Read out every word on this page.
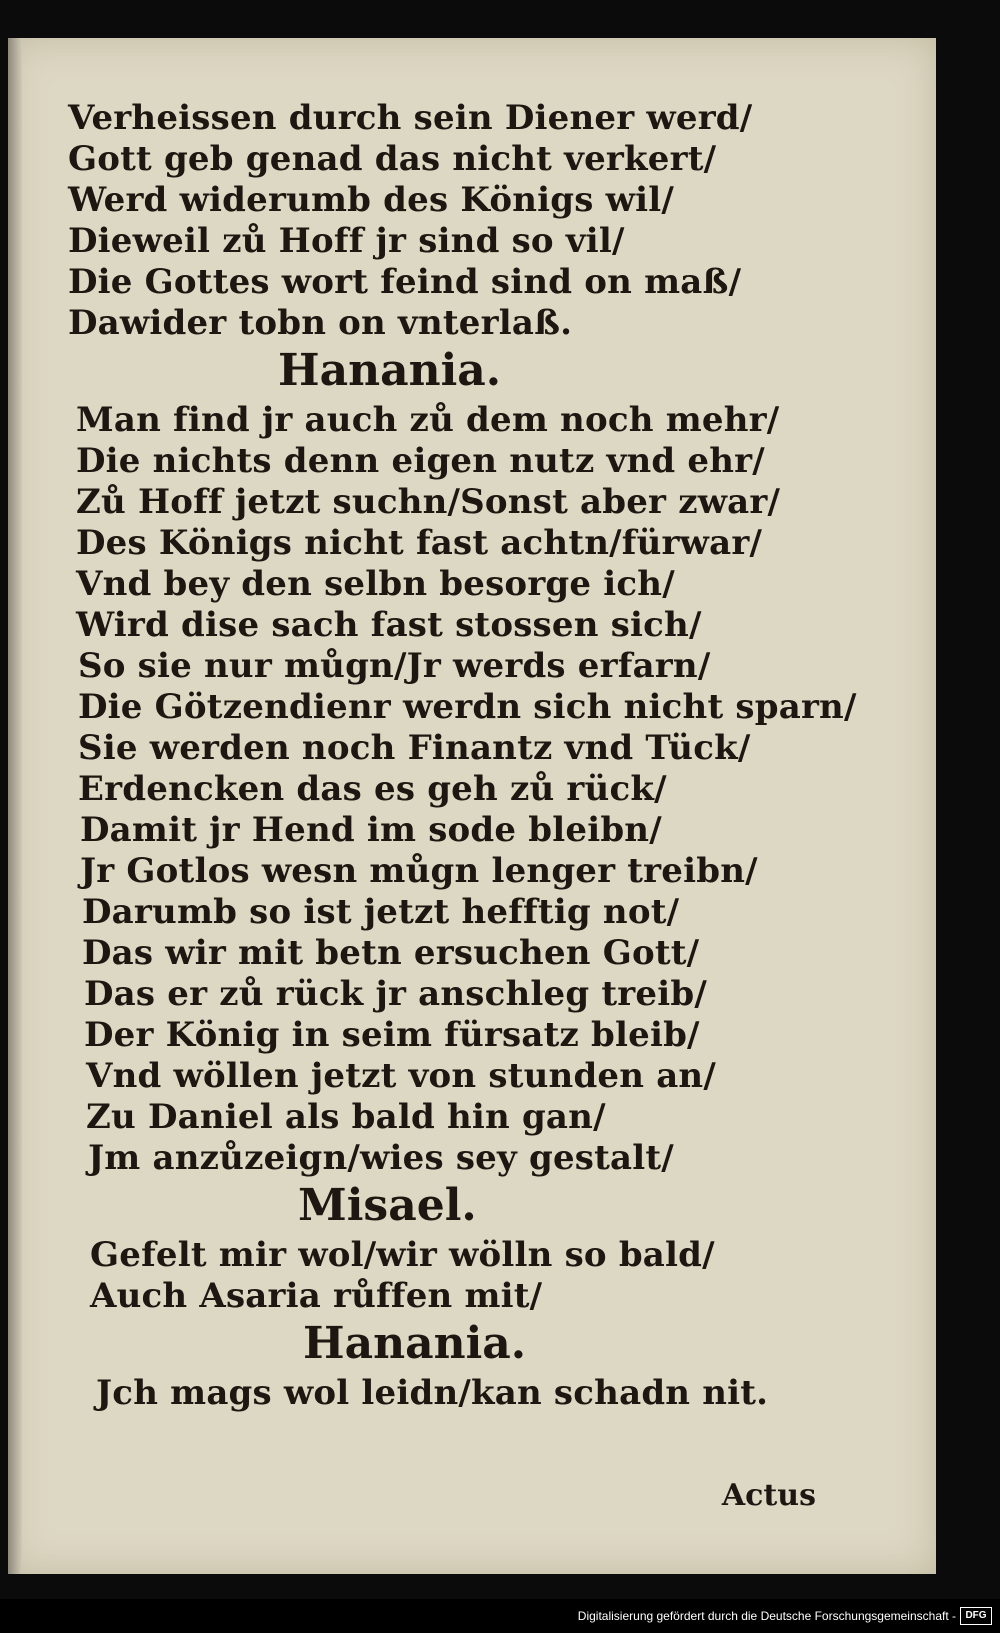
Verheissen durch sein Diener werd/
Gott geb genad das nicht verkert/
Werd widerumb des Königs wil/
Dieweil zů Hoff jr sind so vil/
Die Gottes wort feind sind on maß/
Dawider tobn on vnterlaß.
Hanania.
Man find jr auch zů dem noch mehr/
Die nichts denn eigen nutz vnd ehr/
Zů Hoff jetzt suchn/Sonst aber zwar/
Des Königs nicht fast achtn/fürwar/
Vnd bey den selbn besorge ich/
Wird dise sach fast stossen sich/
So sie nur můgn/Jr werds erfarn/
Die Götzendienr werdn sich nicht sparn/
Sie werden noch Finantz vnd Tück/
Erdencken das es geh zů rück/
Damit jr Hend im sode bleibn/
Jr Gotlos wesn můgn lenger treibn/
Darumb so ist jetzt hefftig not/
Das wir mit betn ersuchen Gott/
Das er zů rück jr anschleg treib/
Der König in seim fürsatz bleib/
Vnd wöllen jetzt von stunden an/
Zu Daniel als bald hin gan/
Jm anzůzeign/wies sey gestalt/
Misael.
Gefelt mir wol/wir wölln so bald/
Auch Asaria růffen mit/
Hanania.
Jch mags wol leidn/kan schadn nit.
Actus
Digitalisierung gefördert durch die Deutsche Forschungsgemeinschaft - DFG
